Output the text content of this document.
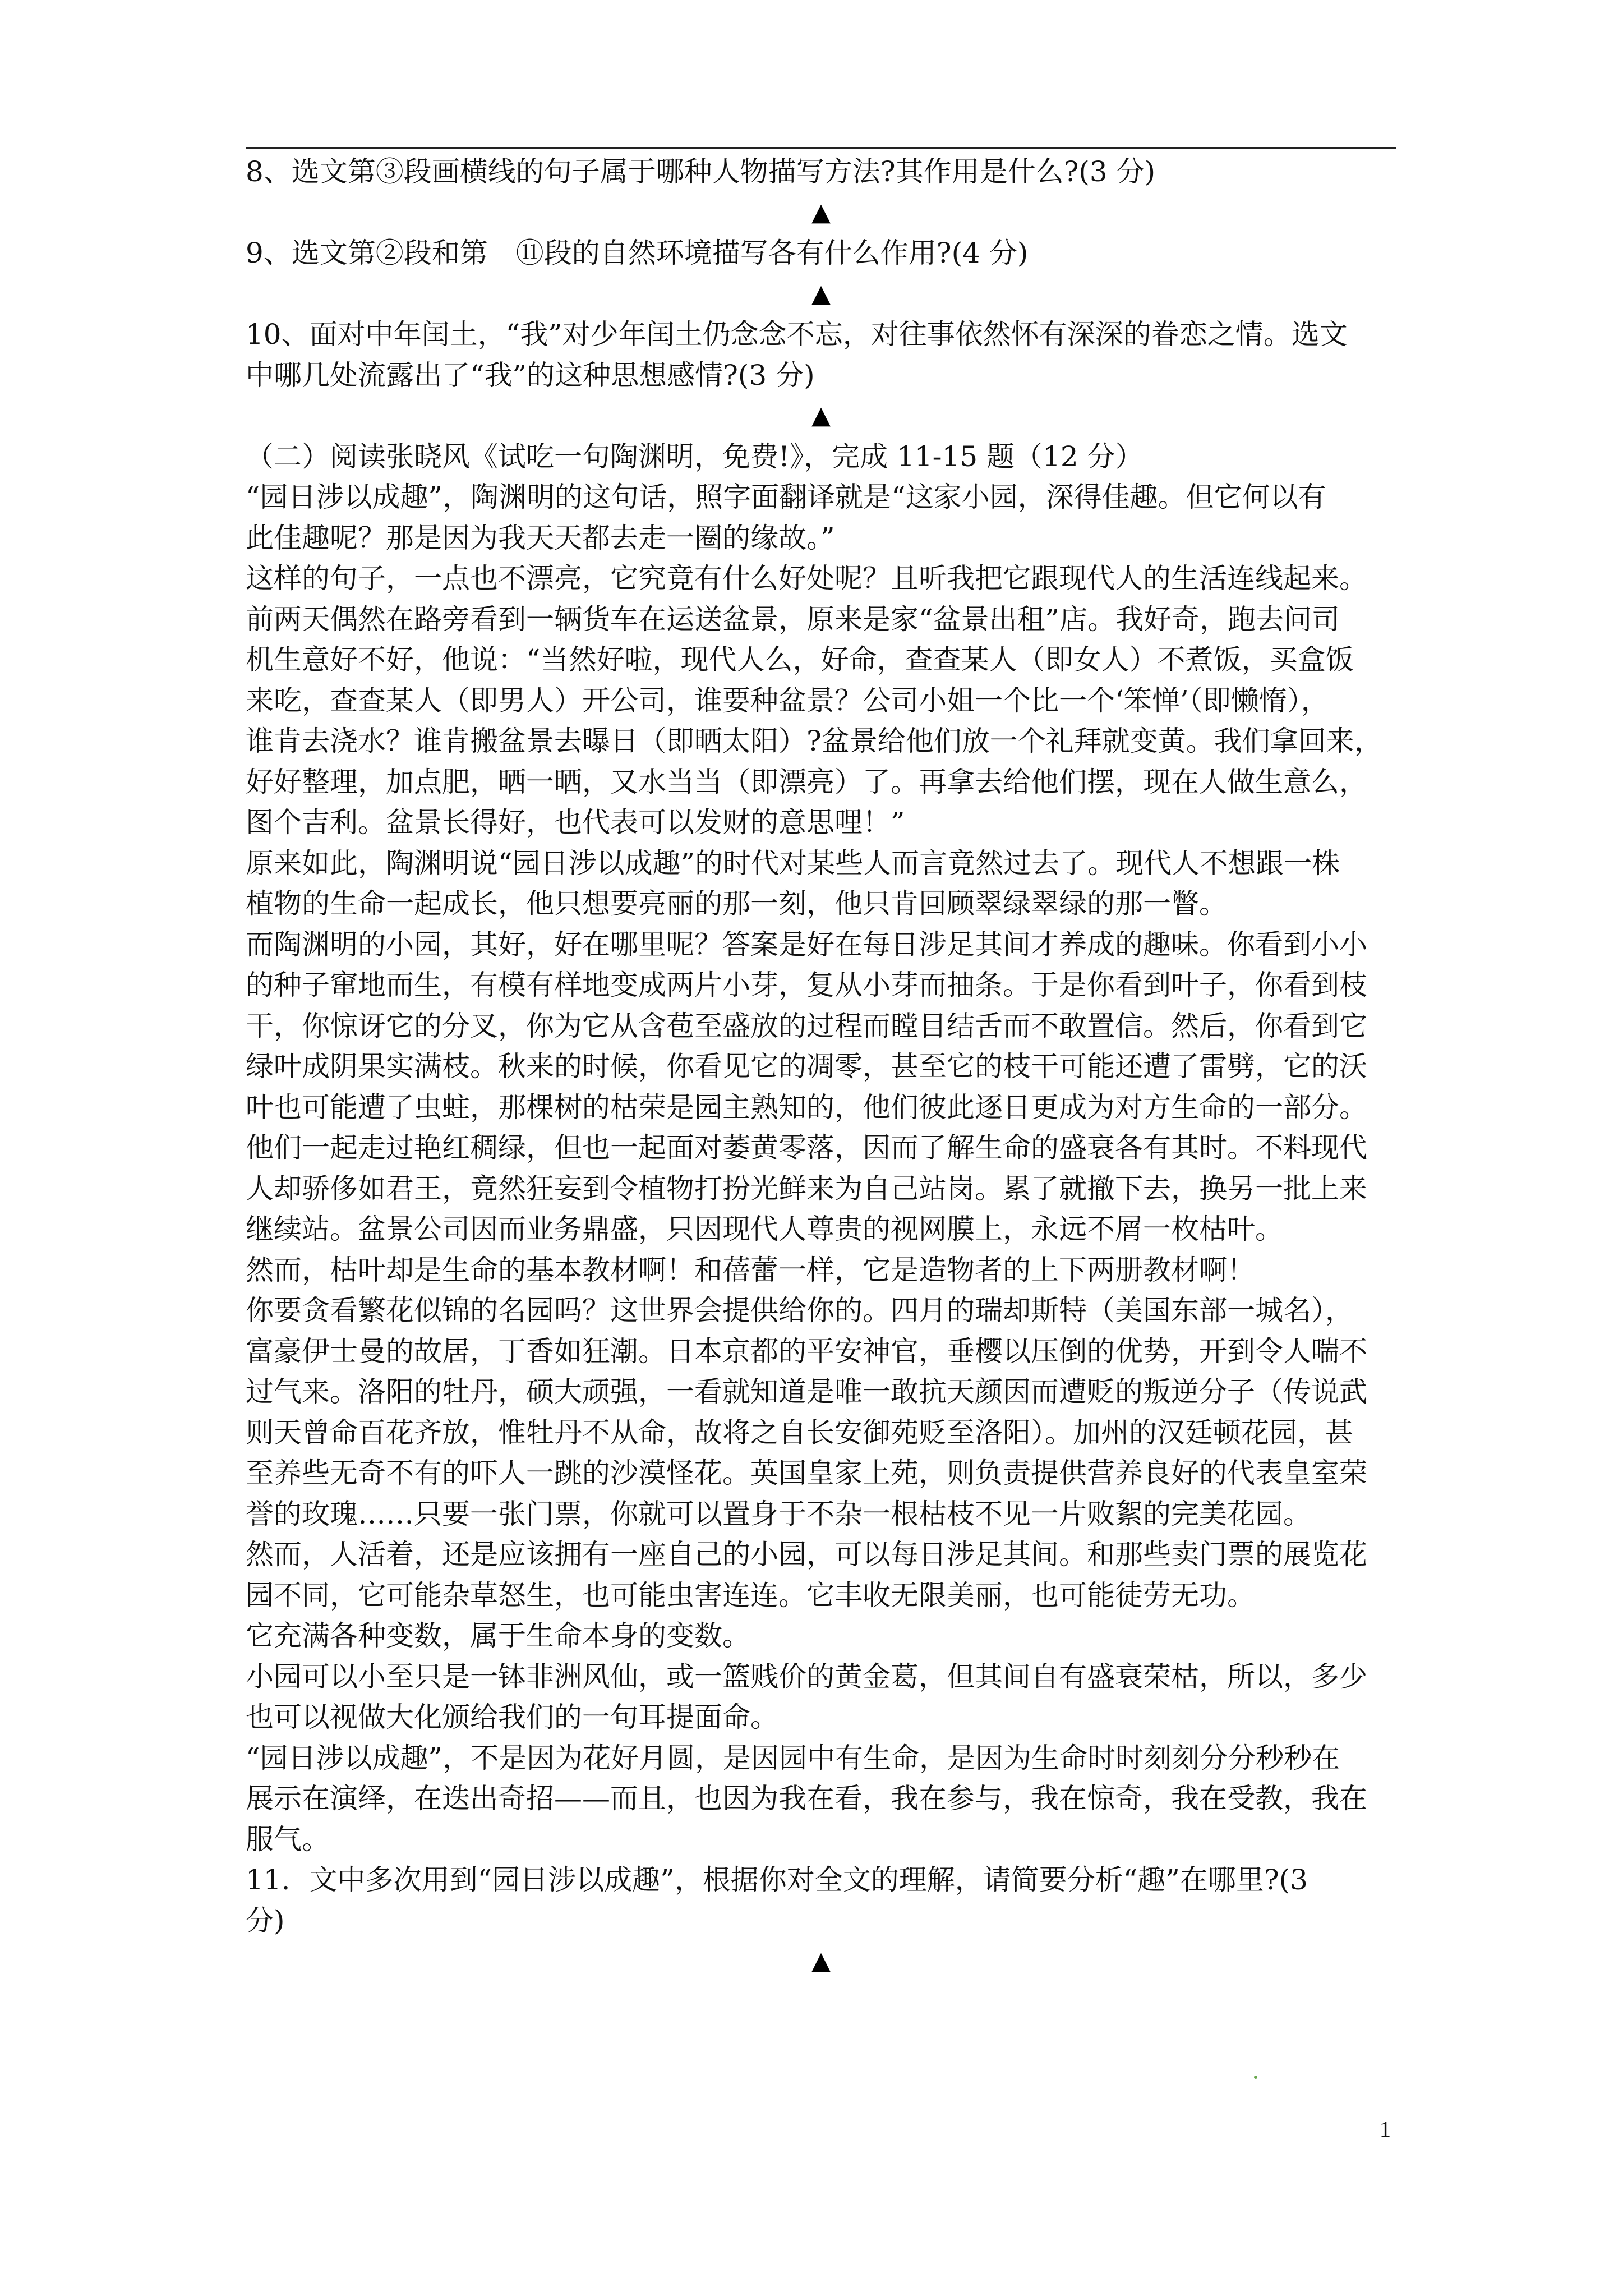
8、选文第③段画横线的句子属于哪种人物描写方法?其作用是什么?(3 分)
▲
9、选文第②段和第　⑪段的自然环境描写各有什么作用?(4 分)
▲
10、面对中年闰土，“我”对少年闰土仍念念不忘，对往事依然怀有深深的眷恋之情。选文
中哪几处流露出了“我”的这种思想感情?(3 分)
▲
（二）阅读张晓风《试吃一句陶渊明，免费!》，完成 11-15 题（12 分）
“园日涉以成趣”，陶渊明的这句话，照字面翻译就是“这家小园，深得佳趣。但它何以有
此佳趣呢？那是因为我天天都去走一圈的缘故。”
这样的句子，一点也不漂亮，它究竟有什么好处呢？且听我把它跟现代人的生活连线起来。
前两天偶然在路旁看到一辆货车在运送盆景，原来是家“盆景出租”店。我好奇，跑去问司
机生意好不好，他说：“当然好啦，现代人么，好命，查查某人（即女人）不煮饭，买盒饭
来吃，查查某人（即男人）开公司，谁要种盆景？公司小姐一个比一个‘笨惮’（即懒惰），
谁肯去浇水？谁肯搬盆景去曝日（即晒太阳）?盆景给他们放一个礼拜就变黄。我们拿回来，
好好整理，加点肥，晒一晒，又水当当（即漂亮）了。再拿去给他们摆，现在人做生意么，
图个吉利。盆景长得好，也代表可以发财的意思哩！”
原来如此，陶渊明说“园日涉以成趣”的时代对某些人而言竟然过去了。现代人不想跟一株
植物的生命一起成长，他只想要亮丽的那一刻，他只肯回顾翠绿翠绿的那一瞥。
而陶渊明的小园，其好，好在哪里呢？答案是好在每日涉足其间才养成的趣味。你看到小小
的种子窜地而生，有模有样地变成两片小芽，复从小芽而抽条。于是你看到叶子，你看到枝
干，你惊讶它的分叉，你为它从含苞至盛放的过程而瞠目结舌而不敢置信。然后，你看到它
绿叶成阴果实满枝。秋来的时候，你看见它的凋零，甚至它的枝干可能还遭了雷劈，它的沃
叶也可能遭了虫蛀，那棵树的枯荣是园主熟知的，他们彼此逐日更成为对方生命的一部分。
他们一起走过艳红稠绿，但也一起面对萎黄零落，因而了解生命的盛衰各有其时。不料现代
人却骄侈如君王，竟然狂妄到令植物打扮光鲜来为自己站岗。累了就撤下去，换另一批上来
继续站。盆景公司因而业务鼎盛，只因现代人尊贵的视网膜上，永远不屑一枚枯叶。
然而，枯叶却是生命的基本教材啊！和蓓蕾一样，它是造物者的上下两册教材啊！
你要贪看繁花似锦的名园吗？这世界会提供给你的。四月的瑞却斯特（美国东部一城名），
富豪伊士曼的故居，丁香如狂潮。日本京都的平安神官，垂樱以压倒的优势，开到令人喘不
过气来。洛阳的牡丹，硕大顽强，一看就知道是唯一敢抗天颜因而遭贬的叛逆分子（传说武
则天曾命百花齐放，惟牡丹不从命，故将之自长安御苑贬至洛阳）。加州的汉廷顿花园，甚
至养些无奇不有的吓人一跳的沙漠怪花。英国皇家上苑，则负责提供营养良好的代表皇室荣
誉的玫瑰……只要一张门票，你就可以置身于不杂一根枯枝不见一片败絮的完美花园。
然而，人活着，还是应该拥有一座自己的小园，可以每日涉足其间。和那些卖门票的展览花
园不同，它可能杂草怒生，也可能虫害连连。它丰收无限美丽，也可能徒劳无功。
它充满各种变数，属于生命本身的变数。
小园可以小至只是一钵非洲风仙，或一篮贱价的黄金葛，但其间自有盛衰荣枯，所以，多少
也可以视做大化颁给我们的一句耳提面命。
“园日涉以成趣”，不是因为花好月圆，是因园中有生命，是因为生命时时刻刻分分秒秒在
展示在演绎，在迭出奇招——而且，也因为我在看，我在参与，我在惊奇，我在受教，我在
服气。
11．文中多次用到“园日涉以成趣”，根据你对全文的理解，请简要分析“趣”在哪里?(3
分)
▲
1
